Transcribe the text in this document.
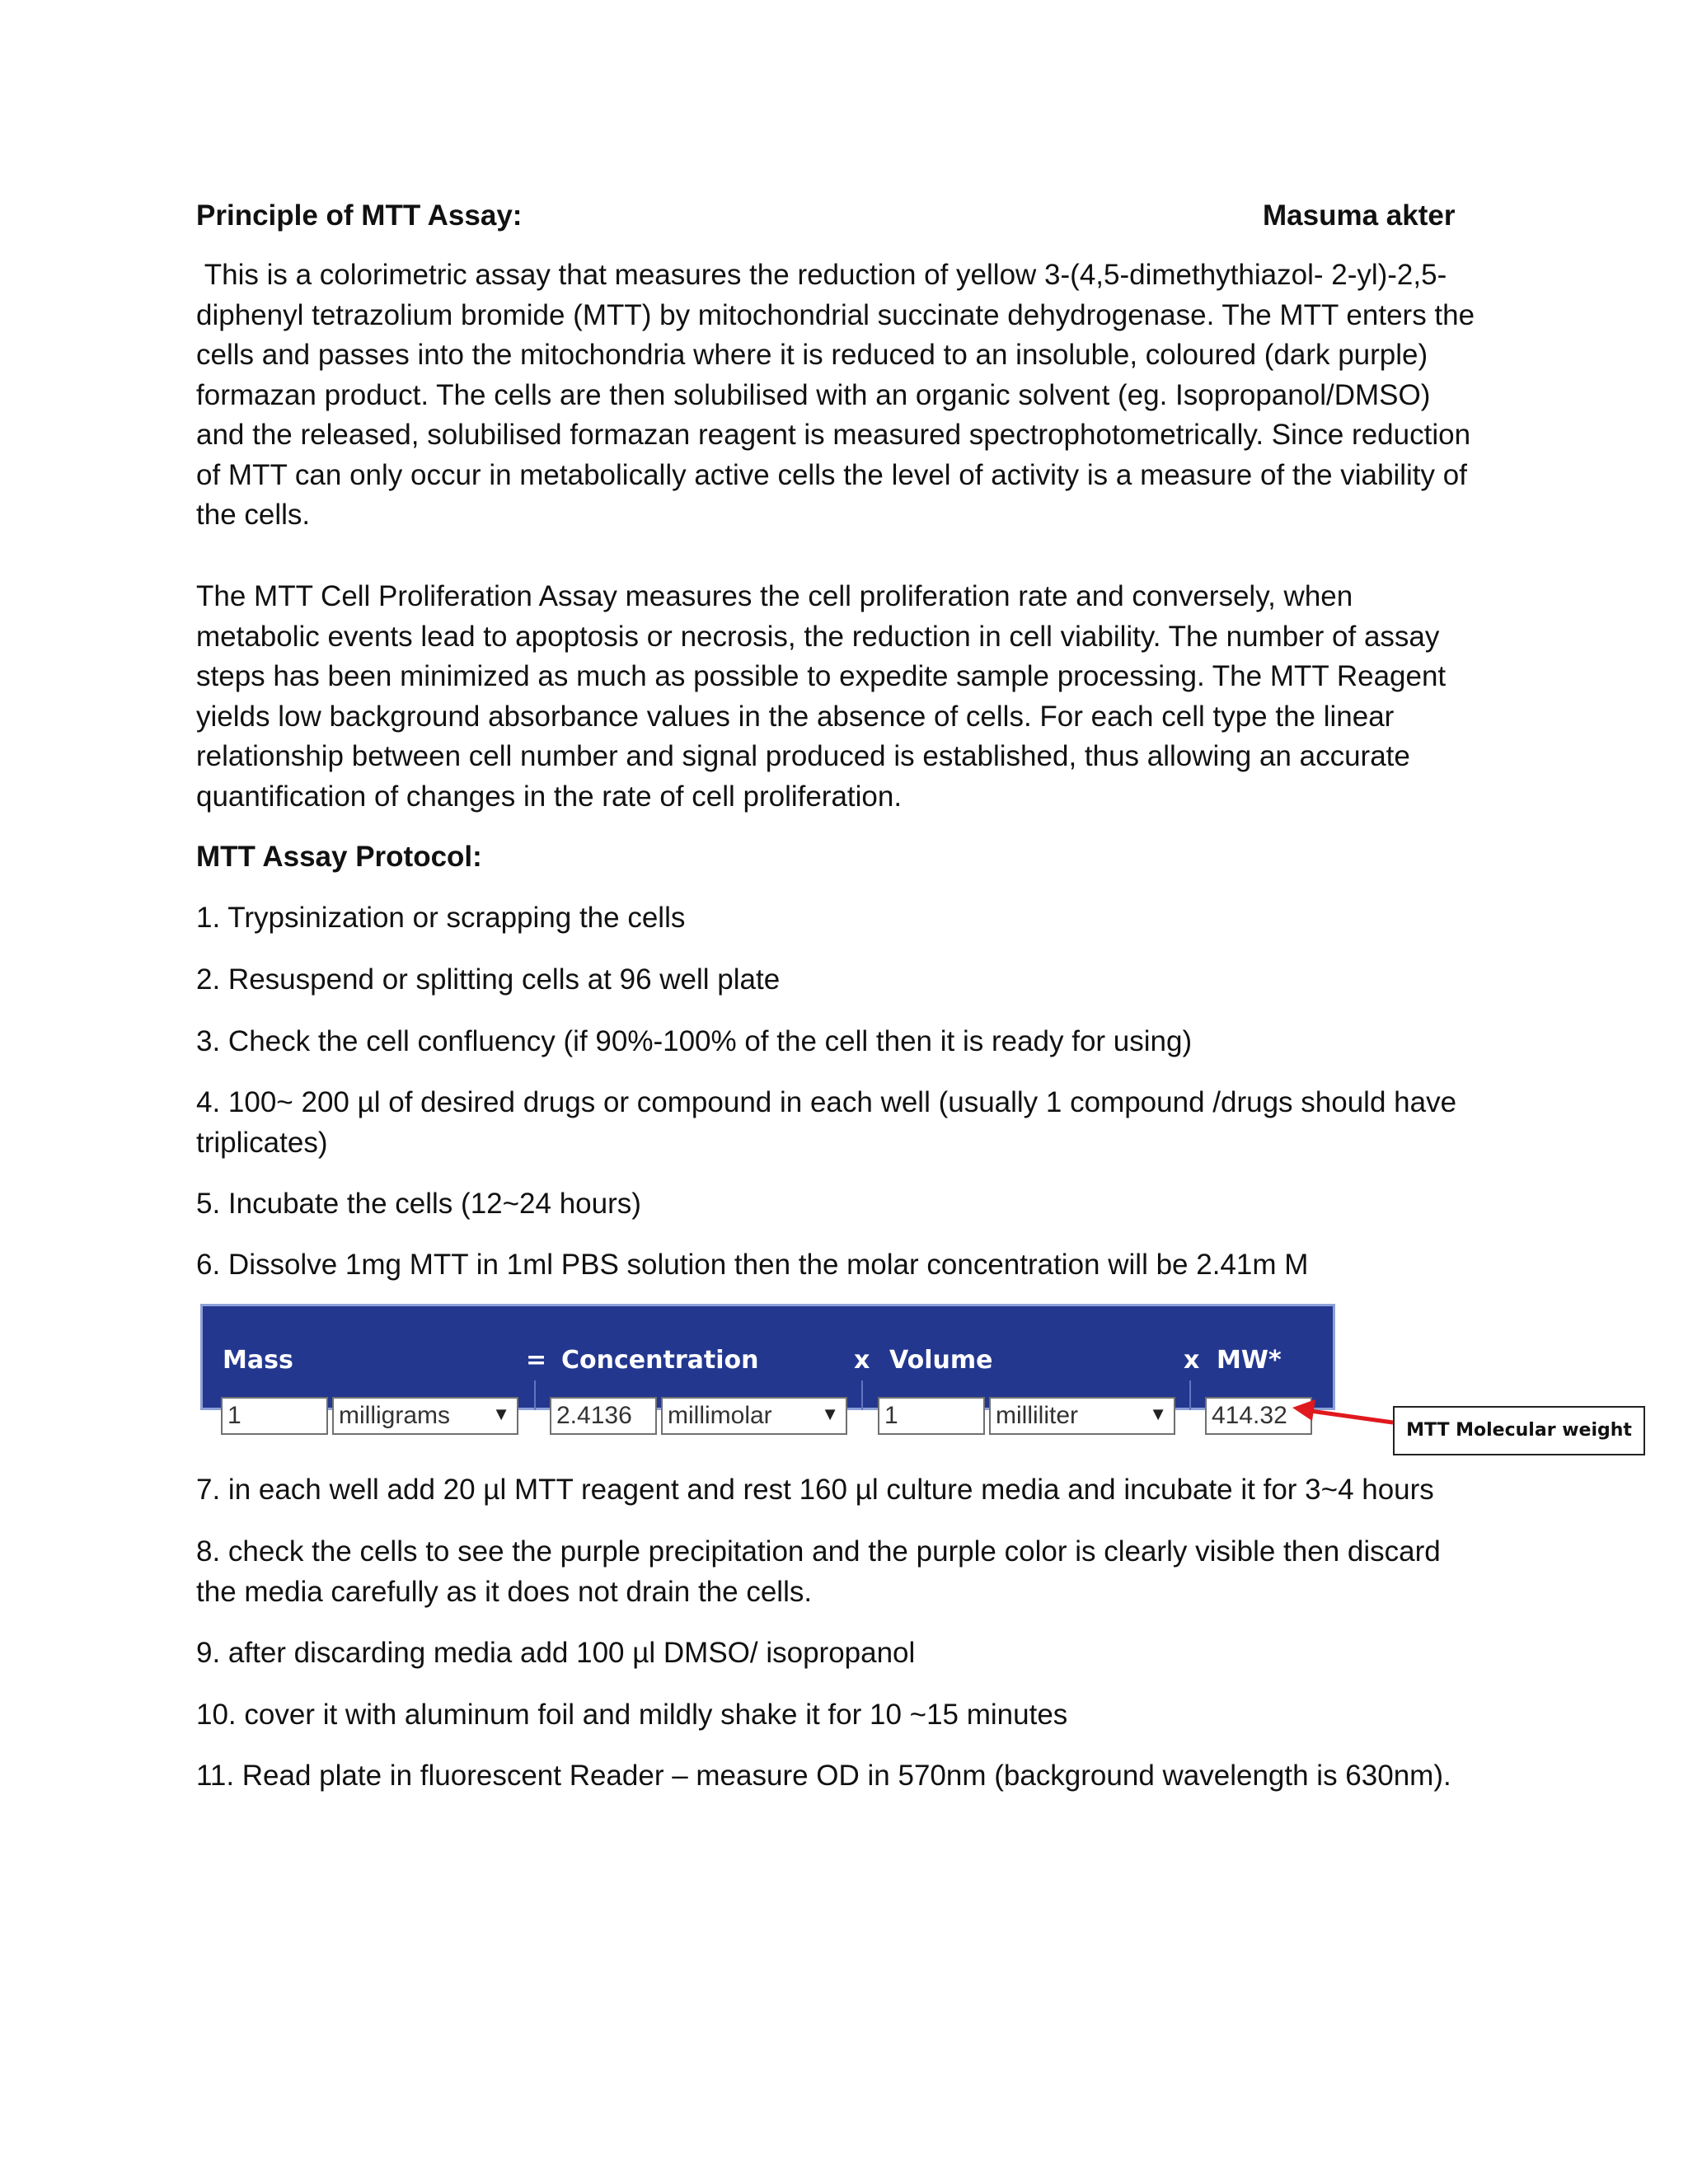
Principle of MTT Assay:	Masuma akter

This is a colorimetric assay that measures the reduction of yellow 3-(4,5-dimethythiazol- 2-yl)-2,5-diphenyl tetrazolium bromide (MTT) by mitochondrial succinate dehydrogenase. The MTT enters the cells and passes into the mitochondria where it is reduced to an insoluble, coloured (dark purple) formazan product. The cells are then solubilised with an organic solvent (eg. Isopropanol/DMSO) and the released, solubilised formazan reagent is measured spectrophotometrically. Since reduction of MTT can only occur in metabolically active cells the level of activity is a measure of the viability of the cells.

The MTT Cell Proliferation Assay measures the cell proliferation rate and conversely, when metabolic events lead to apoptosis or necrosis, the reduction in cell viability. The number of assay steps has been minimized as much as possible to expedite sample processing. The MTT Reagent yields low background absorbance values in the absence of cells. For each cell type the linear relationship between cell number and signal produced is established, thus allowing an accurate quantification of changes in the rate of cell proliferation.

MTT Assay Protocol:

1. Trypsinization or scrapping the cells

2. Resuspend or splitting cells at 96 well plate

3. Check the cell confluency (if 90%-100% of the cell then it is ready for using)

4. 100~ 200 µl of desired drugs or compound in each well (usually 1 compound /drugs should have triplicates)

5. Incubate the cells (12~24 hours)

6. Dissolve 1mg MTT in 1ml PBS solution then the molar concentration will be 2.41m M

Mass	= Concentration	x Volume	x MW*
1	milligrams ▼ 2.4136	millimolar	▼ 1	milliliter	▼ 414.32
MTT Molecular weight

7. in each well add 20 µl MTT reagent and rest 160 µl culture media and incubate it for 3~4 hours

8. check the cells to see the purple precipitation and the purple color is clearly visible then discard the media carefully as it does not drain the cells.

9. after discarding media add 100 µl DMSO/ isopropanol

10. cover it with aluminum foil and mildly shake it for 10 ~15 minutes

11. Read plate in fluorescent Reader – measure OD in 570nm (background wavelength is 630nm).
